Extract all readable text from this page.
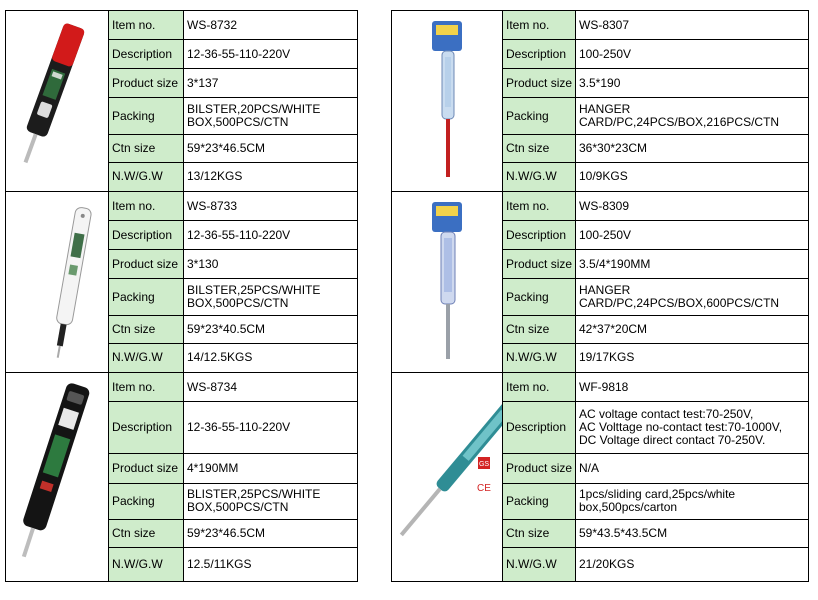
	Item no.	WS-8732
	Description	12-36-55-110-220V
	Product size	3*137
	Packing	BILSTER,20PCS/WHITE
BOX,500PCS/CTN
	Ctn size	59*23*46.5CM
	N.W/G.W	13/12KGS

	Item no.	WS-8733
	Description	12-36-55-110-220V
	Product size	3*130
	Packing	BILSTER,25PCS/WHITE
BOX,500PCS/CTN
	Ctn size	59*23*40.5CM
	N.W/G.W	14/12.5KGS

	Item no.	WS-8734
	Description	12-36-55-110-220V
	Product size	4*190MM
	Packing	BLISTER,25PCS/WHITE
BOX,500PCS/CTN
	Ctn size	59*23*46.5CM
	N.W/G.W	12.5/11KGS
	Item no.	WS-8307
	Description	100-250V
	Product size	3.5*190
	Packing	HANGER
CARD/PC,24PCS/BOX,216PCS/CTN
	Ctn size	36*30*23CM
	N.W/G.W	10/9KGS

	Item no.	WS-8309
	Description	100-250V
	Product size	3.5/4*190MM
	Packing	HANGER
CARD/PC,24PCS/BOX,600PCS/CTN
	Ctn size	42*37*20CM
	N.W/G.W	19/17KGS

GS
CE	Item no.	WF-9818
	Description	AC voltage contact test:70-250V,
AC Volttage no-contact test:70-1000V,
DC Voltage direct contact 70-250V.
	Product size	N/A
	Packing	1pcs/sliding card,25pcs/white
box,500pcs/carton
	Ctn size	59*43.5*43.5CM
	N.W/G.W	21/20KGS
